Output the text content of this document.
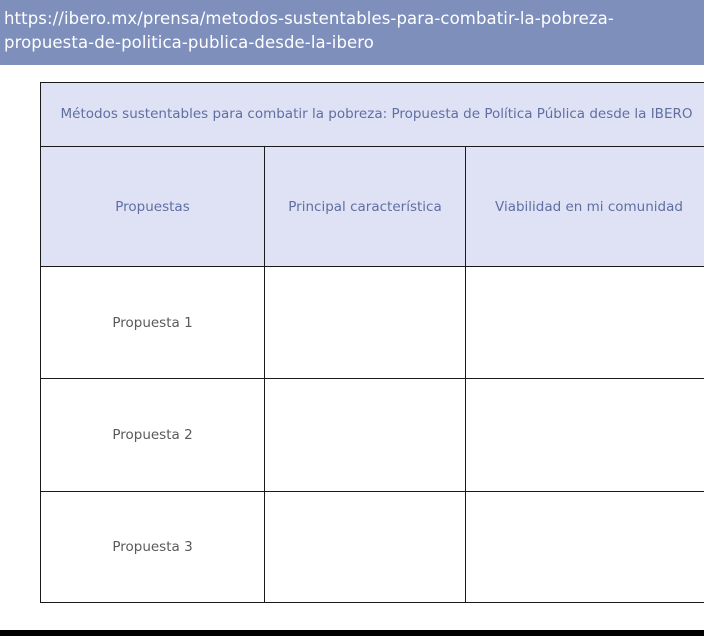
https://ibero.mx/prensa/metodos-sustentables-para-combatir-la-pobreza-
propuesta-de-politica-publica-desde-la-ibero
Métodos sustentables para combatir la pobreza: Propuesta de Política Pública desde la IBERO		
Propuestas	Principal característica	Viabilidad en mi comunidad
Propuesta 1		
Propuesta 2		
Propuesta 3		
